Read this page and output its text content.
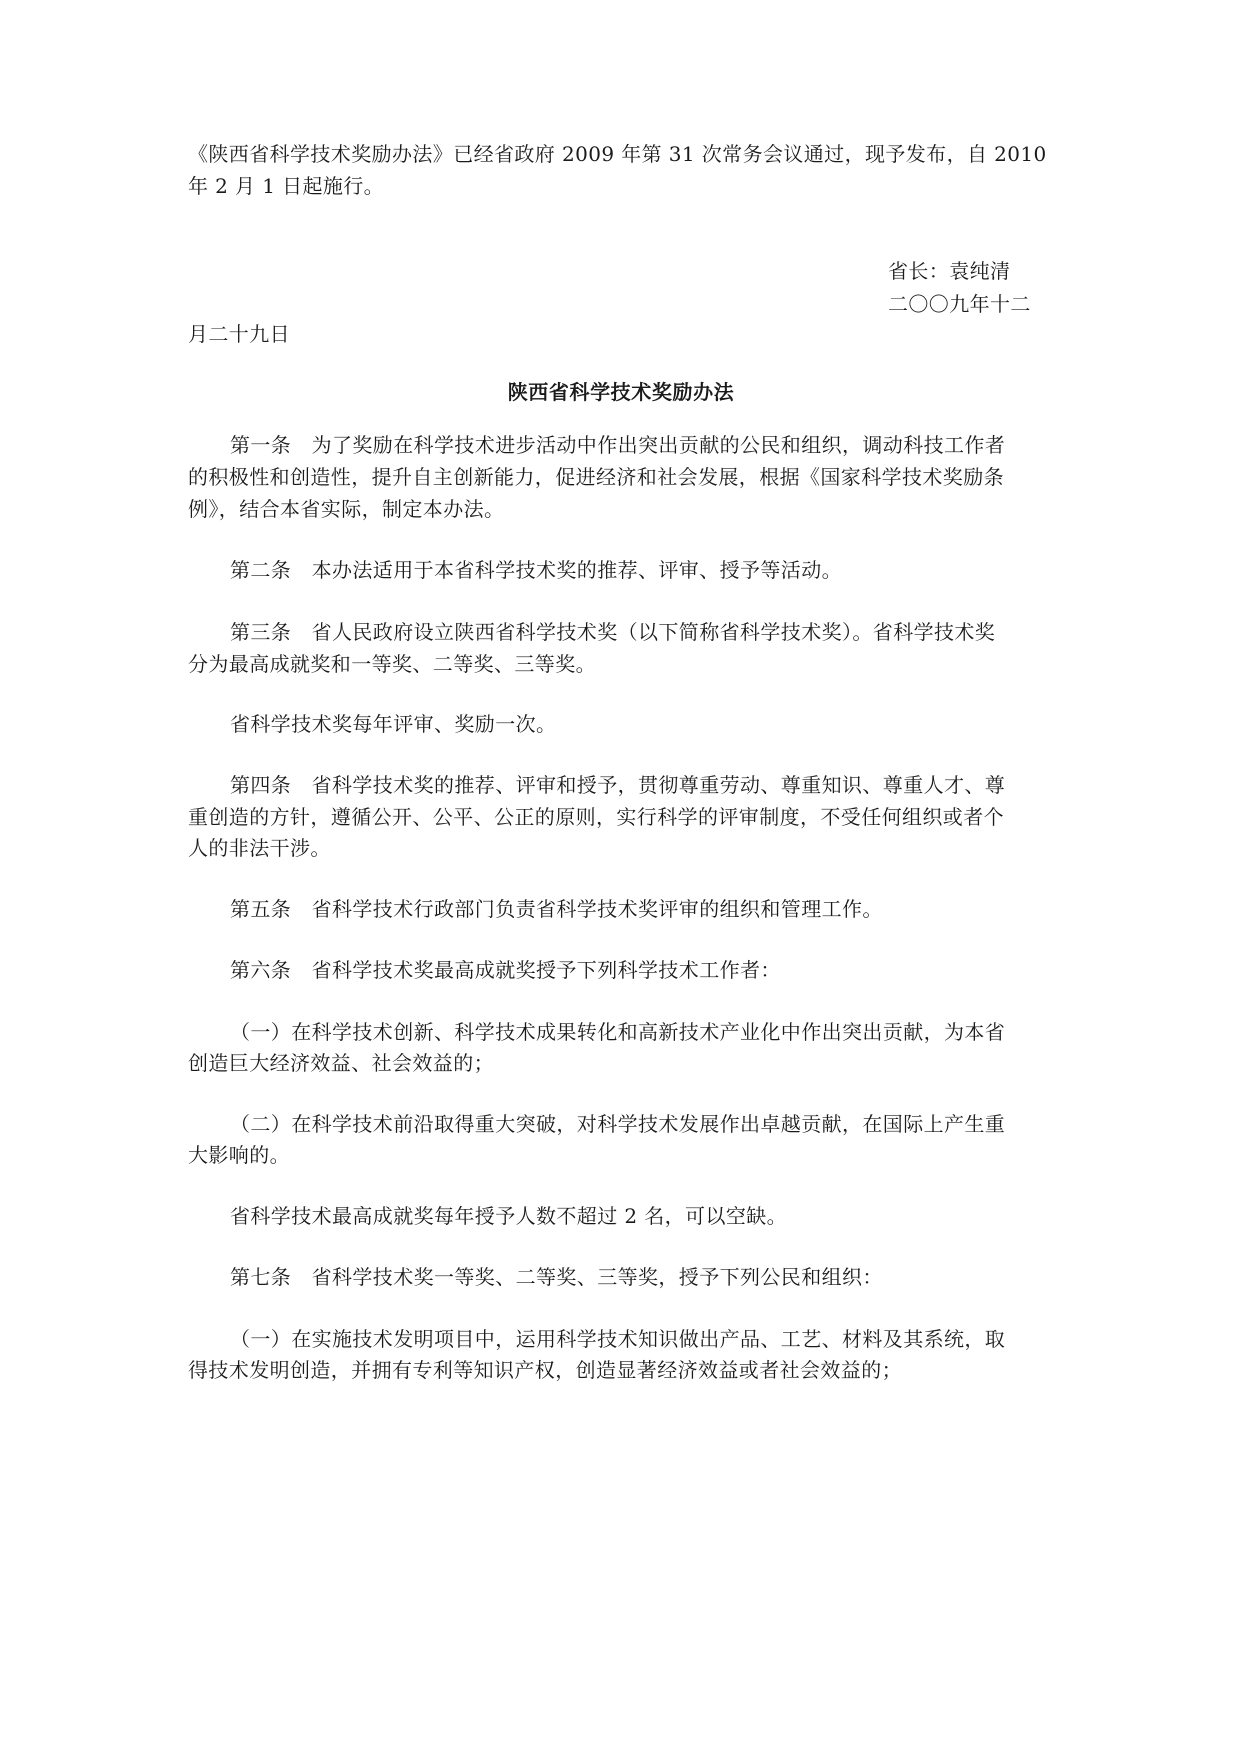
《陕西省科学技术奖励办法》已经省政府 2009 年第 31 次常务会议通过，现予发布，自 2010
年 2 月 1 日起施行。
省长：袁纯清
二〇〇九年十二
月二十九日
陕西省科学技术奖励办法
第一条　为了奖励在科学技术进步活动中作出突出贡献的公民和组织，调动科技工作者
的积极性和创造性，提升自主创新能力，促进经济和社会发展，根据《国家科学技术奖励条
例》，结合本省实际，制定本办法。
第二条　本办法适用于本省科学技术奖的推荐、评审、授予等活动。
第三条　省人民政府设立陕西省科学技术奖（以下简称省科学技术奖）。省科学技术奖
分为最高成就奖和一等奖、二等奖、三等奖。
省科学技术奖每年评审、奖励一次。
第四条　省科学技术奖的推荐、评审和授予，贯彻尊重劳动、尊重知识、尊重人才、尊
重创造的方针，遵循公开、公平、公正的原则，实行科学的评审制度，不受任何组织或者个
人的非法干涉。
第五条　省科学技术行政部门负责省科学技术奖评审的组织和管理工作。
第六条　省科学技术奖最高成就奖授予下列科学技术工作者：
（一）在科学技术创新、科学技术成果转化和高新技术产业化中作出突出贡献，为本省
创造巨大经济效益、社会效益的；
（二）在科学技术前沿取得重大突破，对科学技术发展作出卓越贡献，在国际上产生重
大影响的。
省科学技术最高成就奖每年授予人数不超过 2 名，可以空缺。
第七条　省科学技术奖一等奖、二等奖、三等奖，授予下列公民和组织：
（一）在实施技术发明项目中，运用科学技术知识做出产品、工艺、材料及其系统，取
得技术发明创造，并拥有专利等知识产权，创造显著经济效益或者社会效益的；
